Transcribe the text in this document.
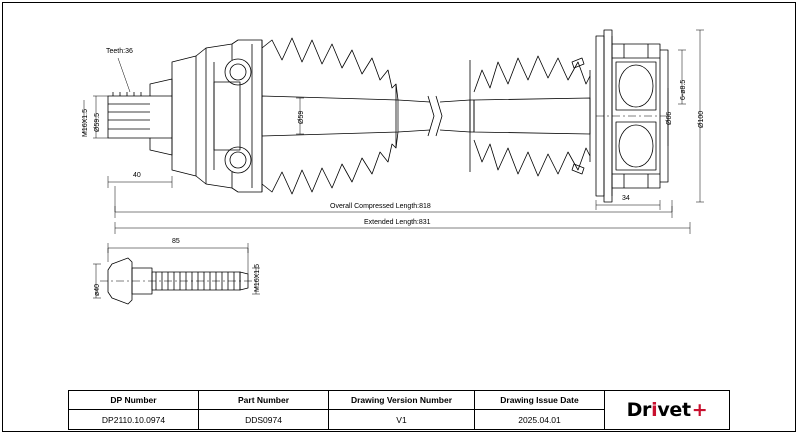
Teeth:36
Ø59.5
M16X1.5
40
Ø59
Overall Compressed Length:818
Extended Length:831
34
6-ø8.5
Ø100
Ø66
85
ø40	M16X1.5
DP Number
DP2110.10.0974
Part Number
DDS0974
Drawing Version Number
V1
Drawing Issue Date
2025.04.01	Dr i ve t +
